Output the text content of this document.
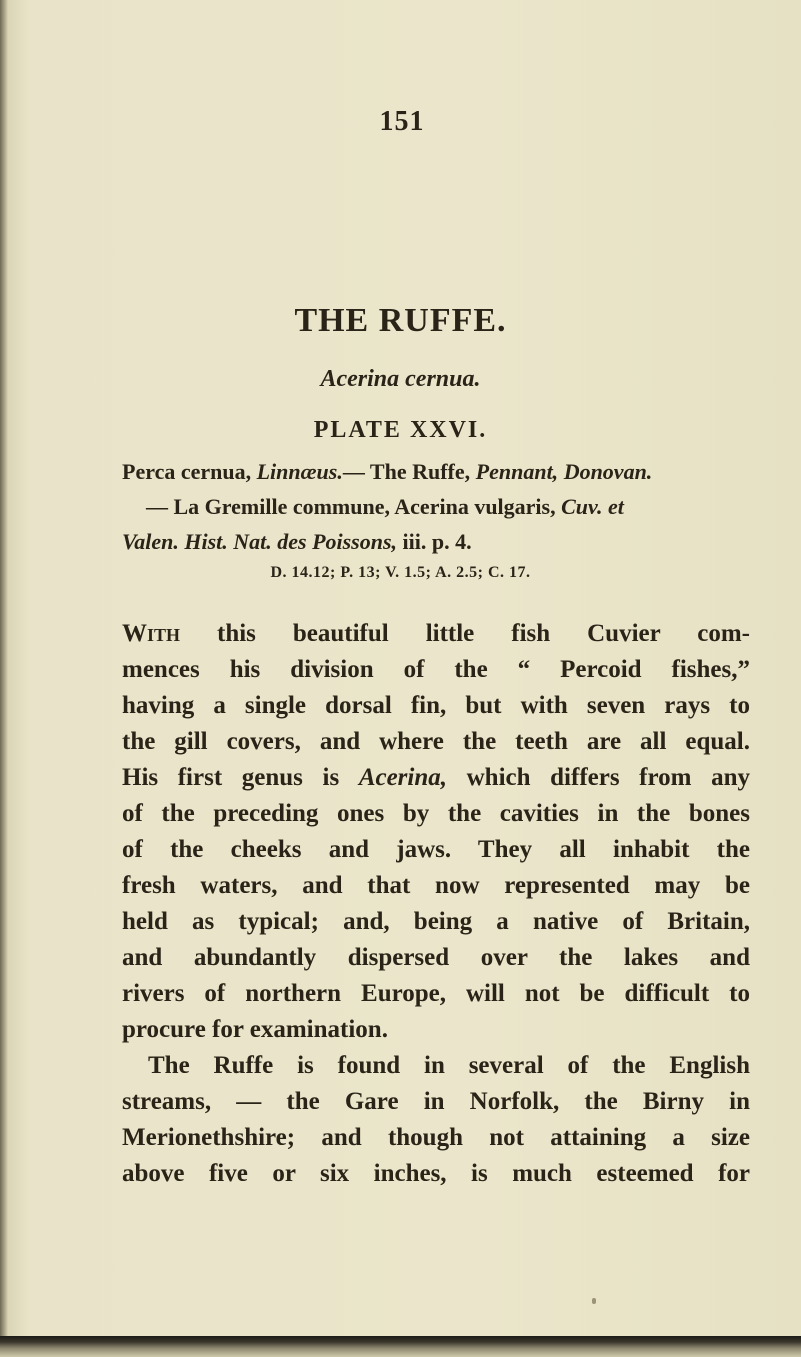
151
THE RUFFE.
Acerina cernua.
PLATE XXVI.
Perca cernua, Linnæus.— The Ruffe, Pennant, Donovan.
— La Gremille commune, Acerina vulgaris, Cuv. et
Valen. Hist. Nat. des Poissons, iii. p. 4.
D. 14.12; P. 13; V. 1.5; A. 2.5; C. 17.
With this beautiful little fish Cuvier com-
mences his division of the “ Percoid fishes,”
having a single dorsal fin, but with seven rays to
the gill covers, and where the teeth are all equal.
His first genus is Acerina, which differs from any
of the preceding ones by the cavities in the bones
of the cheeks and jaws. They all inhabit the
fresh waters, and that now represented may be
held as typical; and, being a native of Britain,
and abundantly dispersed over the lakes and
rivers of northern Europe, will not be difficult to
procure for examination.
The Ruffe is found in several of the English
streams, — the Gare in Norfolk, the Birny in
Merionethshire; and though not attaining a size
above five or six inches, is much esteemed for
